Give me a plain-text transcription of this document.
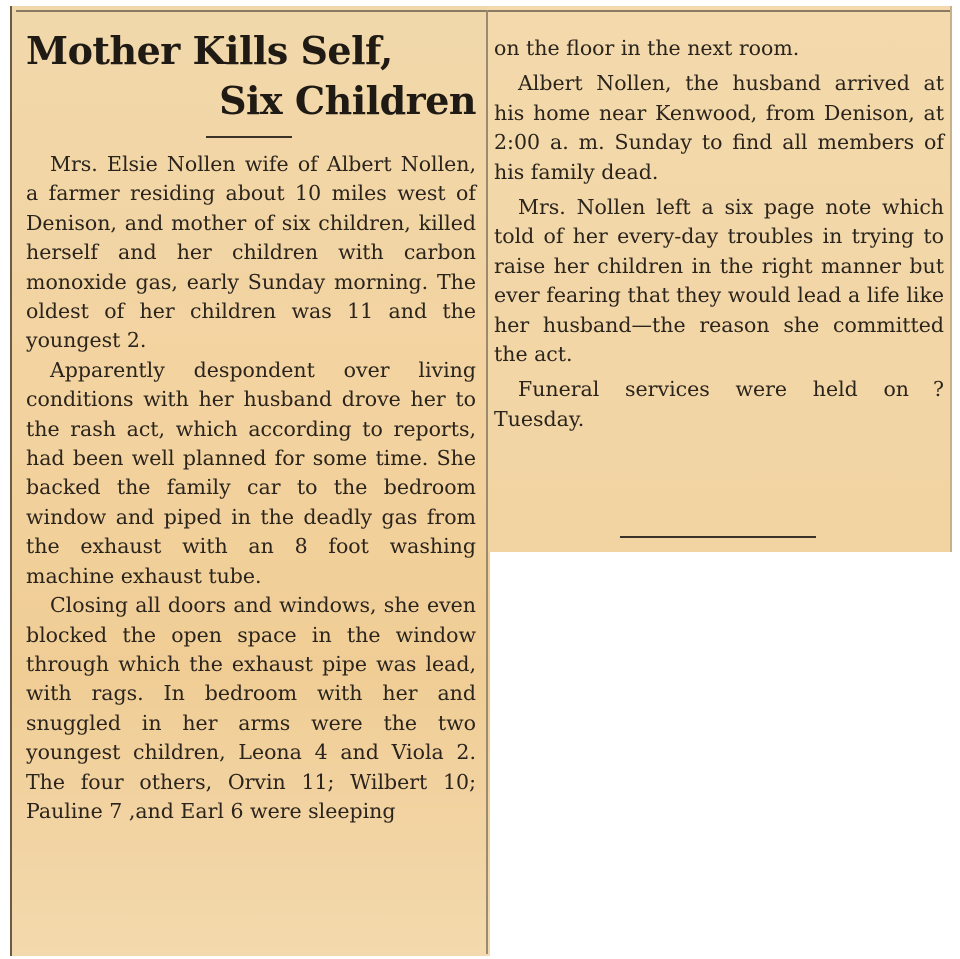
Mother Kills Self,
Six Children

Mrs. Elsie Nollen wife of Albert Nollen, a farmer residing about 10 miles west of Denison, and mother of six children, killed herself and her children with carbon monoxide gas, early Sunday morning. The oldest of her children was 11 and the youngest 2.

Apparently despondent over living conditions with her husband drove her to the rash act, which according to reports, had been well planned for some time. She backed the family car to the bedroom window and piped in the deadly gas from the exhaust with an 8 foot washing machine exhaust tube.

Closing all doors and windows, she even blocked the open space in the window through which the exhaust pipe was lead, with rags. In bedroom with her and snuggled in her arms were the two youngest children, Leona 4 and Viola 2. The four others, Orvin 11; Wilbert 10; Pauline 7 ,and Earl 6 were sleeping

on the floor in the next room.

Albert Nollen, the husband arrived at his home near Kenwood, from Denison, at 2:00 a. m. Sunday to find all members of his family dead.

Mrs. Nollen left a six page note which told of her every-day troubles in trying to raise her children in the right manner but ever fearing that they would lead a life like her husband—the reason she committed the act.

Funeral services were held on Tuesday.
?
